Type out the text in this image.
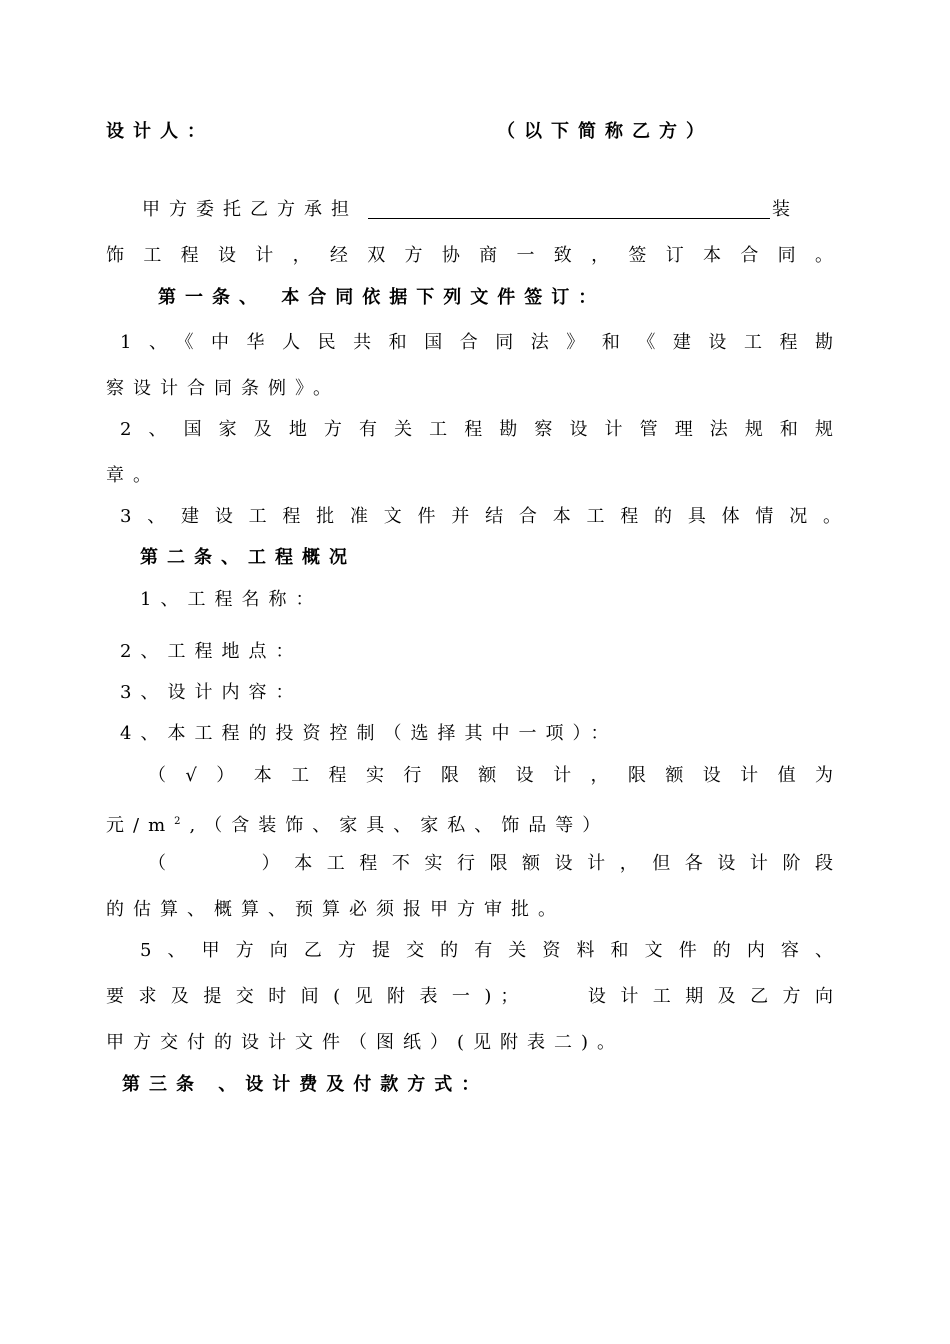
设计人：	（以下简称乙方）
甲方委托乙方承担	装
饰工程设计，经双方协商一致，签订本合同。
第一条、 本合同依据下列文件签订：
1、《中华人民共和国合同法》和《建设工程勘
察设计合同条例》。
2、国家及地方有关工程勘察设计管理法规和规
章。
3、建设工程批准文件并结合本工程的具体情况。
第二条、工程概况
1、工程名称：
2、工程地点：
3、设计内容：
4、本工程的投资控制（选择其中一项）：
（√）本工程实行限额设计，限额设计值为
元$/m^2$,（含装饰、家具、家私、饰品等）
（    ）本工程不实行限额设计，但各设计阶段
的估算、概算、预算必须报甲方审批。
5、甲方向乙方提交的有关资料和文件的内容、
要求及提交时间(见附表一)；   设计工期及乙方向
甲方交付的设计文件（图纸）(见附表二)。
第三条 、设计费及付款方式：
